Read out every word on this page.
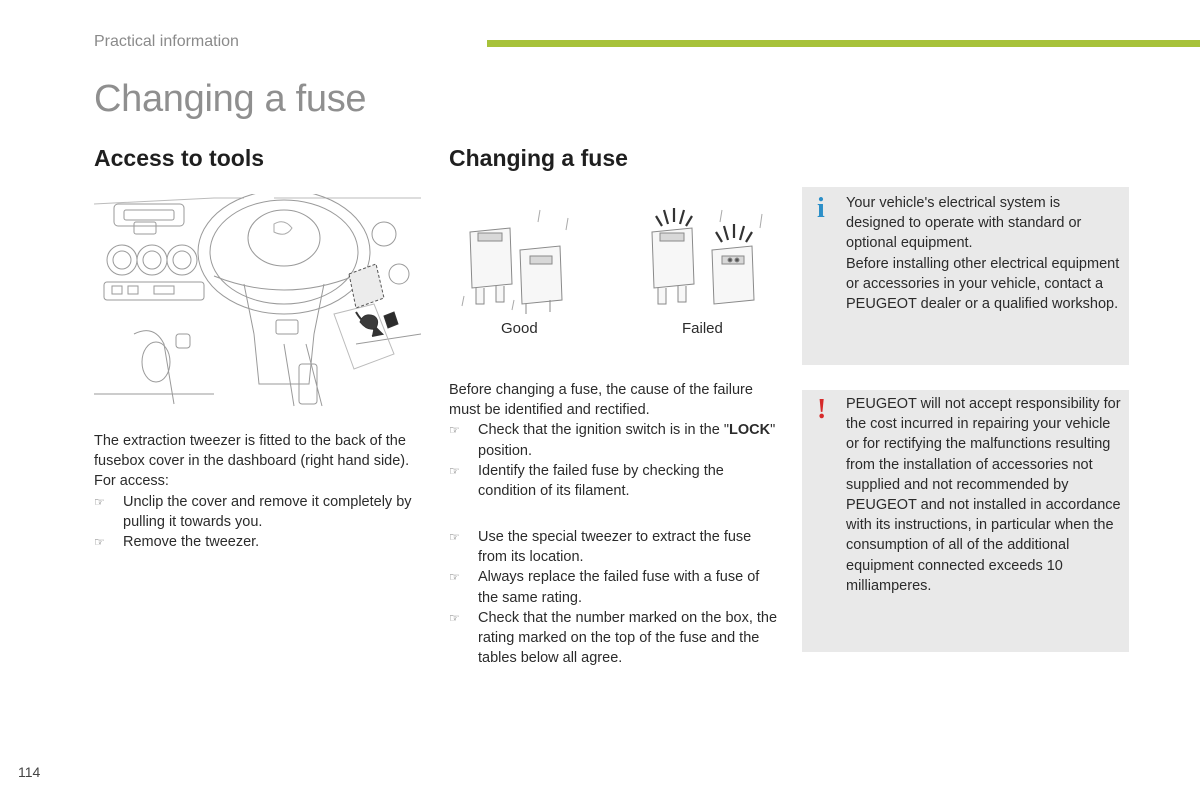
Practical information
Changing a fuse
Access to tools

The extraction tweezer is fitted to the back of the fusebox cover in the dashboard (right hand side).

For access:

☞ Unclip the cover and remove it completely by pulling it towards you.
☞ Remove the tweezer.
Changing a fuse
Good	Failed

Before changing a fuse, the cause of the failure must be identified and rectified.

☞ Check that the ignition switch is in the "LOCK" position.
☞ Identify the failed fuse by checking the condition of its filament.
☞ Use the special tweezer to extract the fuse from its location.
☞ Always replace the failed fuse with a fuse of the same rating.
☞ Check that the number marked on the box, the rating marked on the top of the fuse and the tables below all agree.
i Your vehicle's electrical system is designed to operate with standard or optional equipment.

Before installing other electrical equipment or accessories in your vehicle, contact a PEUGEOT dealer or a qualified workshop.

! PEUGEOT will not accept responsibility for the cost incurred in repairing your vehicle or for rectifying the malfunctions resulting from the installation of accessories not supplied and not recommended by PEUGEOT and not installed in accordance with its instructions, in particular when the consumption of all of the additional equipment connected exceeds 10 milliamperes.

114
